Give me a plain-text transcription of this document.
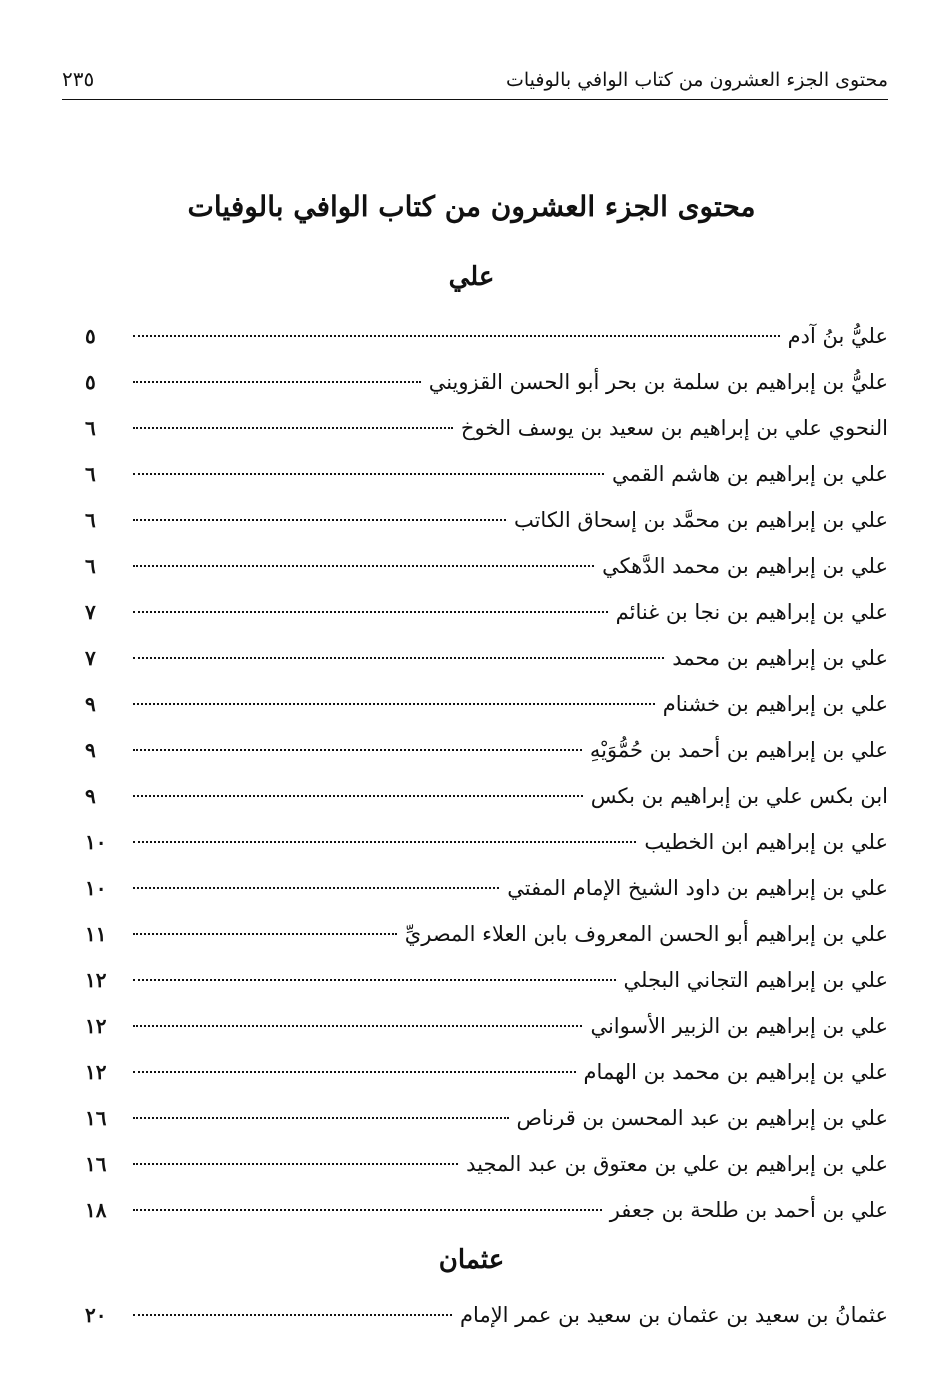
محتوى الجزء العشرون من كتاب الوافي بالوفيات
٢٣٥
محتوى الجزء العشرون من كتاب الوافي بالوفيات
علي
عليُّ بنُ آدم
٥
عليُّ بن إبراهيم بن سلمة بن بحر أبو الحسن القزويني
٥
النحوي علي بن إبراهيم بن سعيد بن يوسف الخوخ
٦
علي بن إبراهيم بن هاشم القمي
٦
علي بن إبراهيم بن محمَّد بن إسحاق الكاتب
٦
علي بن إبراهيم بن محمد الدَّهكي
٦
علي بن إبراهيم بن نجا بن غنائم
٧
علي بن إبراهيم بن محمد
٧
علي بن إبراهيم بن خشنام
٩
علي بن إبراهيم بن أحمد بن حُمُّوَيْهِ
٩
ابن بكس علي بن إبراهيم بن بكس
٩
علي بن إبراهيم ابن الخطيب
١٠
علي بن إبراهيم بن داود الشيخ الإمام المفتي
١٠
علي بن إبراهيم أبو الحسن المعروف بابن العلاء المصريِّ
١١
علي بن إبراهيم التجاني البجلي
١٢
علي بن إبراهيم بن الزبير الأسواني
١٢
علي بن إبراهيم بن محمد بن الهمام
١٢
علي بن إبراهيم بن عبد المحسن بن قرناص
١٦
علي بن إبراهيم بن علي بن معتوق بن عبد المجيد
١٦
علي بن أحمد بن طلحة بن جعفر
١٨
عثمان
عثمانُ بن سعيد بن عثمان بن سعيد بن عمر الإمام
٢٠
